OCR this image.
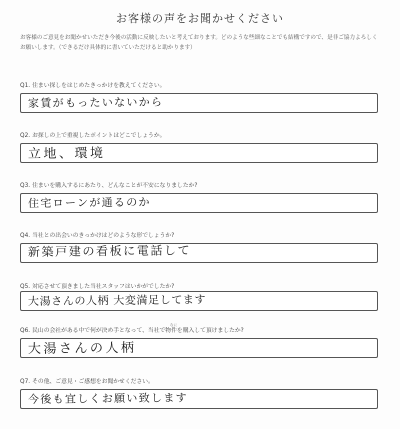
お客様の声をお聞かせください
お客様のご意見をお聞かせいただき今後の活動に反映したいと考えております。どのような些細なことでも結構ですので、是非ご協力よろしくお願いします。（できるだけ具体的に書いていただけると助かります）
Q1. 住まい探しをはじめたきっかけを教えてください。
家賃がもったいないから
Q2. お探しの上で重視したポイントはどこでしょうか。
立地、環境
Q3. 住まいを購入するにあたり、どんなことが不安になりましたか?
住宅ローンが通るのか
Q4. 当社との出会いのきっかけはどのような形でしょうか?
新築戸建の看板に電話して
Q5. 対応させて頂きました当社スタッフはいかがでしたか?
大湯さんの人柄 大変満足してます
なに
Q6. 民山の会社がある中で何が決め手となって、当社で物件を購入して頂けましたか?
大湯さんの人柄
Q7. その他、ご意見・ご感想をお聞かせください。
今後も宜しくお願い致します
